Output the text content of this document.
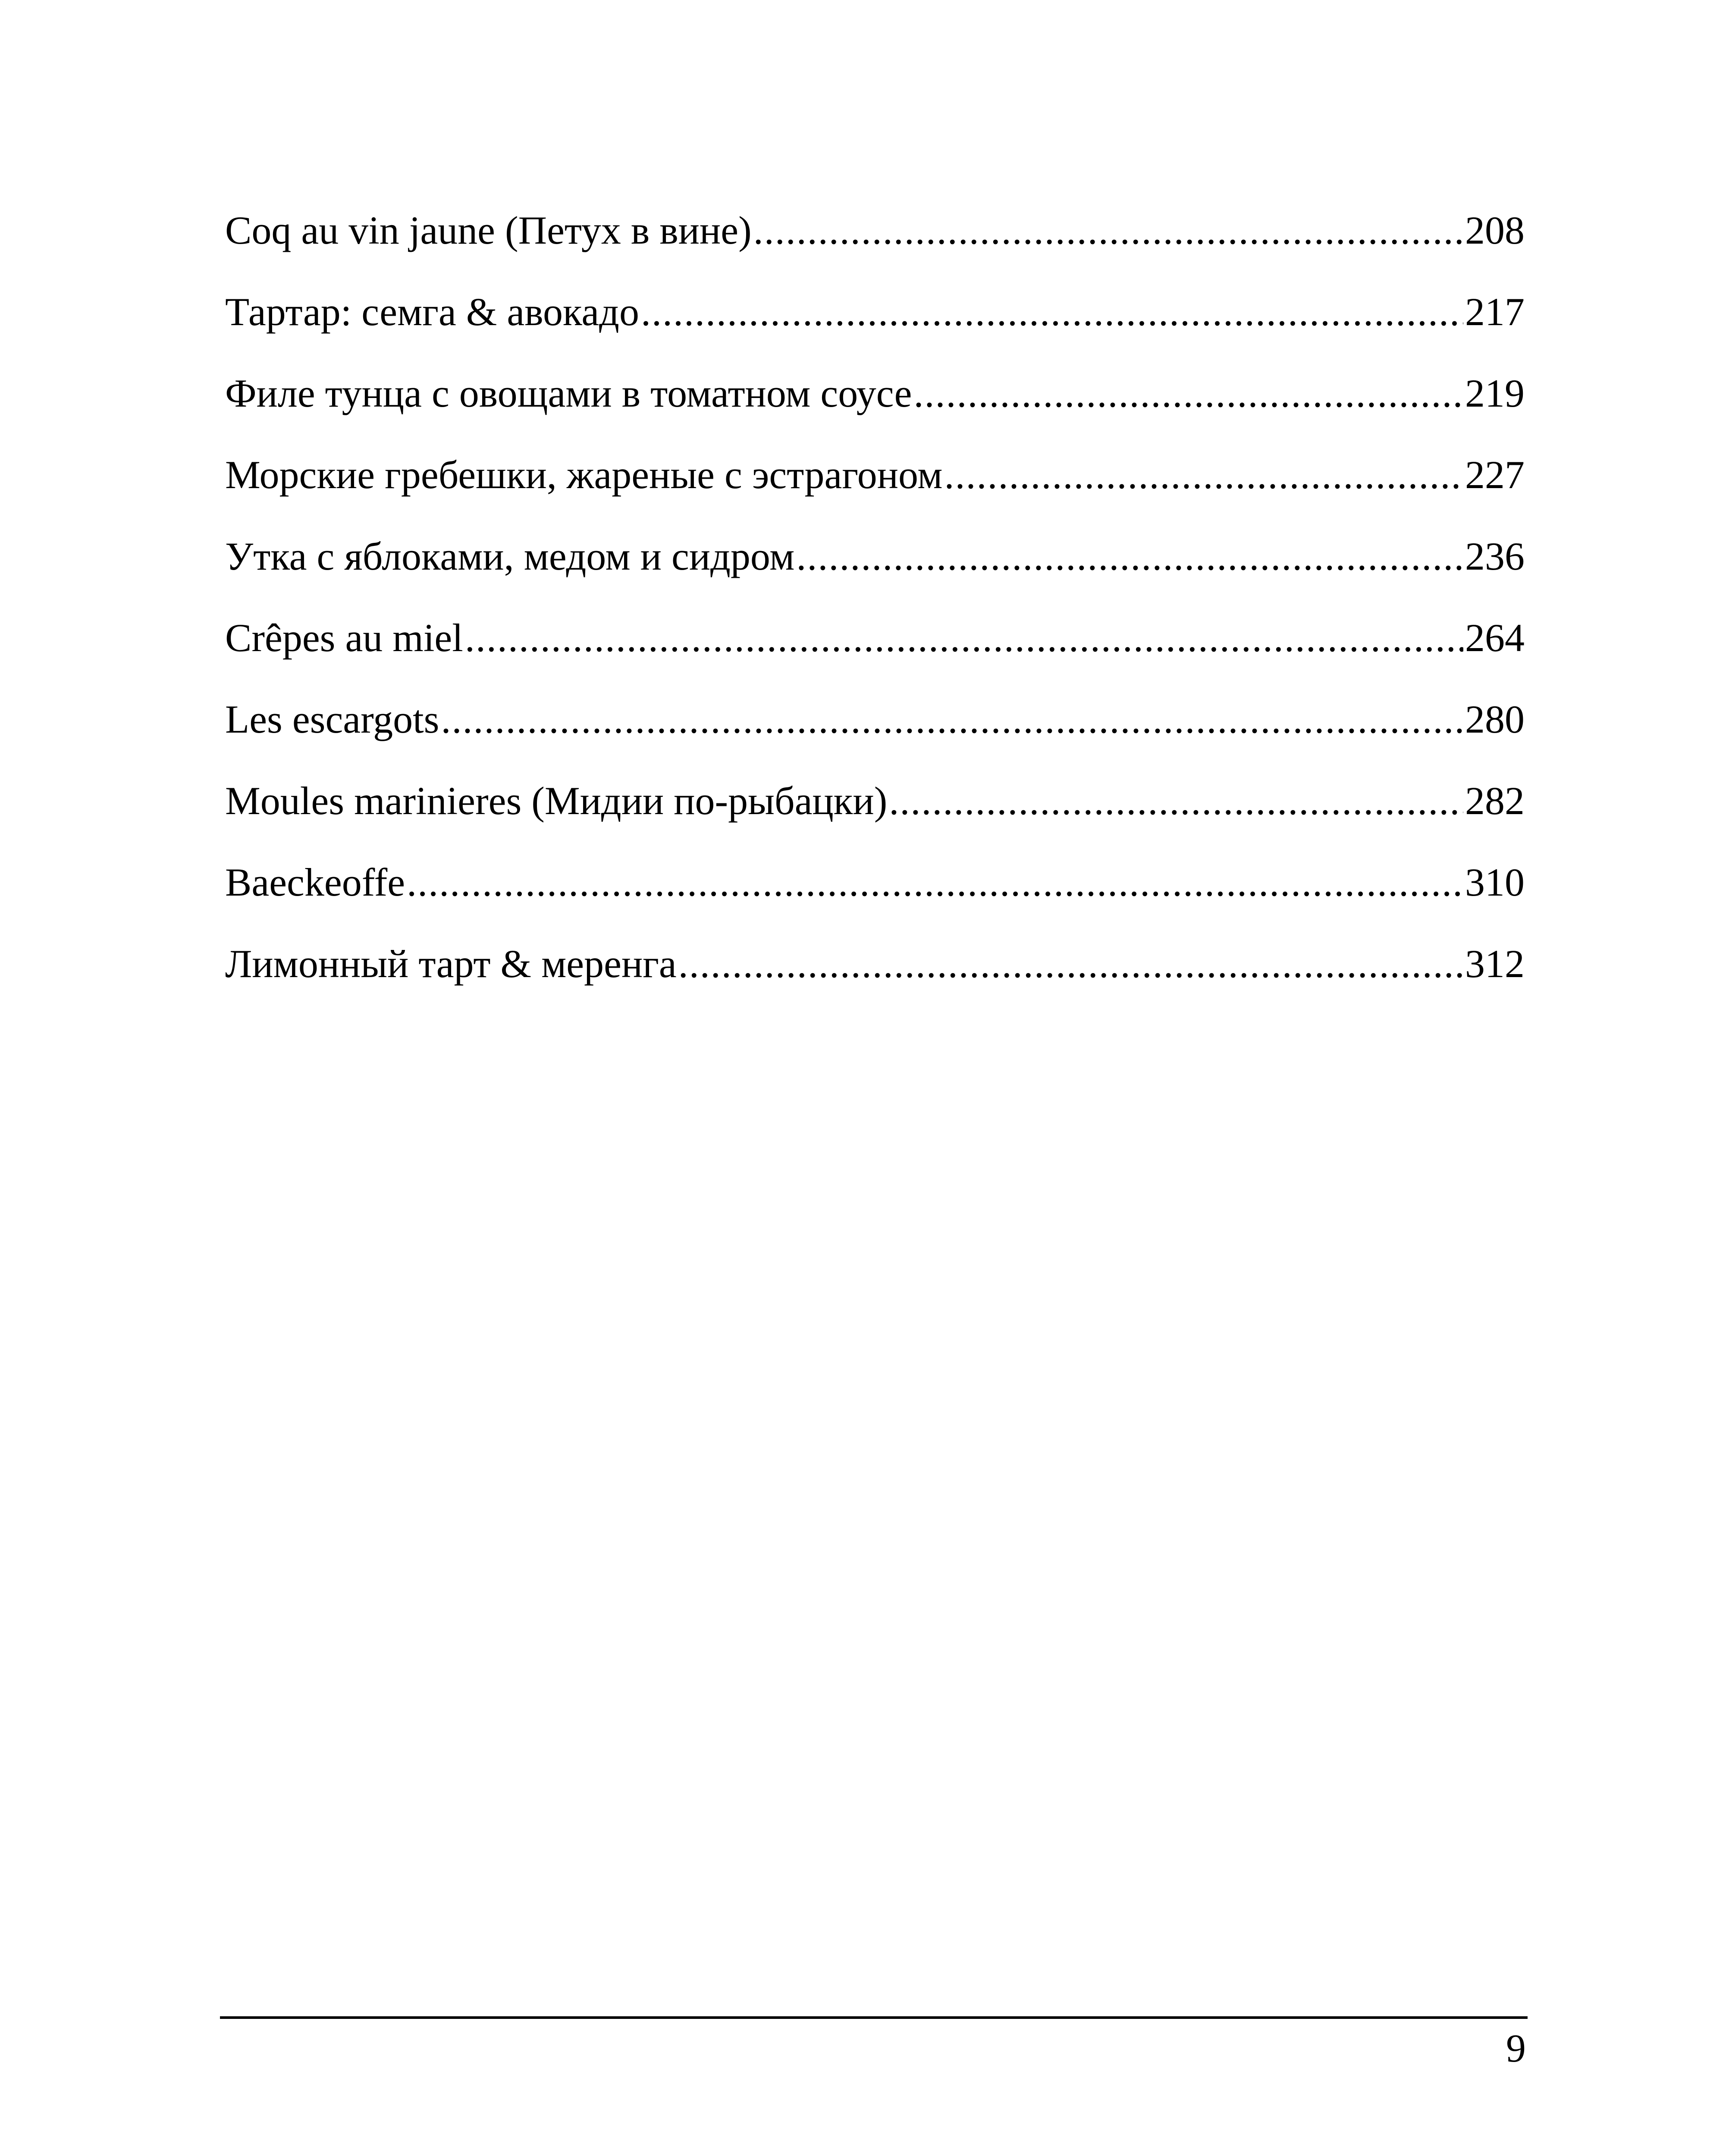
Coq au vin jaune (Петух в вине) .....	208
Тартар: семга & авокадо .....	217
Филе тунца с овощами в томатном соусе .....	219
Морские гребешки, жареные с эстрагоном .....	227
Утка с яблоками, медом и сидром .....	236
Crêpes au miel .....	264
Les escargots .....	280
Moules marinieres (Мидии по-рыбацки) .....	282
Baeckeoffe .....	310
Лимонный тарт & меренга .....	312
9
